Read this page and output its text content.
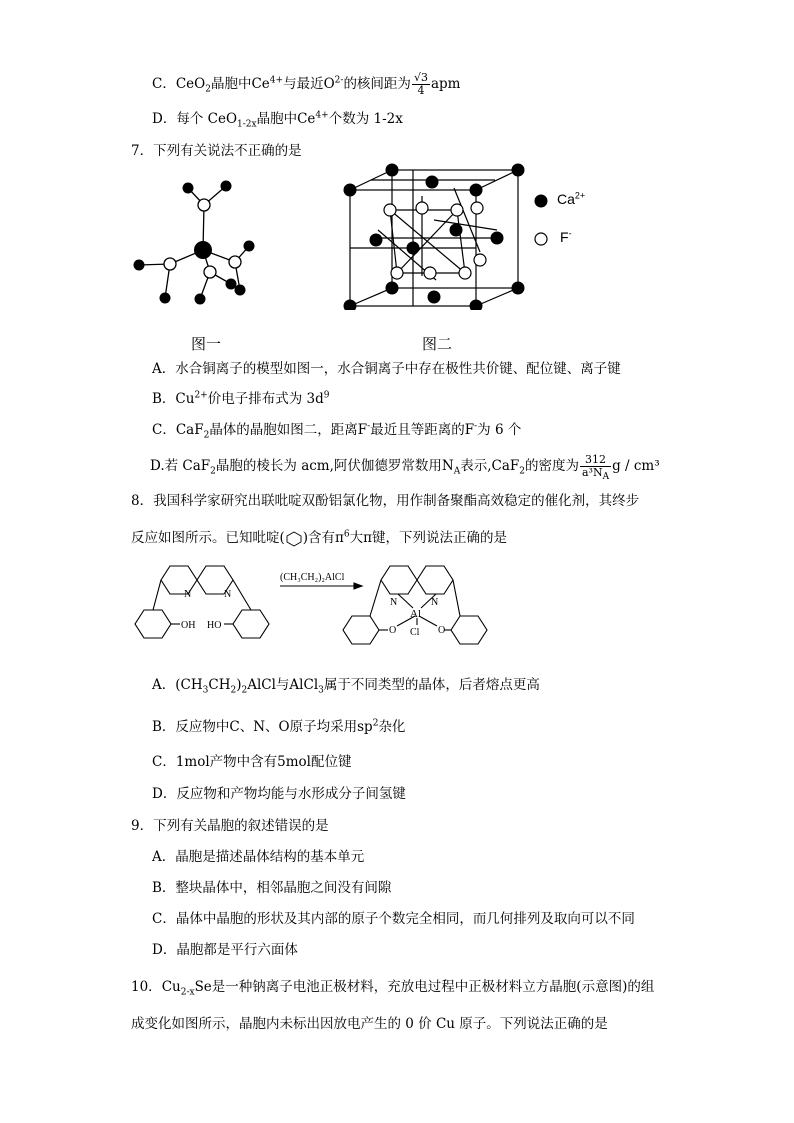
C．CeO$_2$晶胞中$Ce^{4+}$与最近$O^{2-}$的核间距为 $\frac{√3}{4}$ apm
D．每个 CeO$_{1-2x}$晶胞中$Ce^{4+}$个数为 1-2x
7．下列有关说法不正确的是
$Ca^{2+}$
F-
图一	图二
A．水合铜离子的模型如图一，水合铜离子中存在极性共价键、配位键、离子键
B．$Cu^{2+}$价电子排布式为 $3d^9$
C．CaF$_2$晶体的晶胞如图二，距离F-最近且等距离的F-为 6 个
D.若 CaF$_2$晶胞的棱长为 acm,阿伏伽德罗常数用$N_A$表示,CaF$_2$的密度为 $\frac{312}{a^3N_A}$ g / cm³
8．我国科学家研究出联吡啶双酚铝氯化物，用作制备聚酯高效稳定的催化剂，其终步
反应如图所示。已知吡啶( )含有$\pi^6$大π键，下列说法正确的是
N	N
OH HO
(CH₃CH₂)₂AlCl
N	N
Al
O	O
Cl
A．$(CH_3CH_2)_2AlCl$与AlCl$_3$属于不同类型的晶体，后者熔点更高
B．反应物中C、N、O原子均采用$sp^2$杂化
C．1mol产物中含有5mol配位键
D．反应物和产物均能与水形成分子间氢键
9．下列有关晶胞的叙述错误的是
A．晶胞是描述晶体结构的基本单元
B．整块晶体中，相邻晶胞之间没有间隙
C．晶体中晶胞的形状及其内部的原子个数完全相同，而几何排列及取向可以不同
D．晶胞都是平行六面体
10．$Cu_{2-x}Se$是一种钠离子电池正极材料，充放电过程中正极材料立方晶胞(示意图)的组
成变化如图所示，晶胞内未标出因放电产生的 0 价 Cu 原子。下列说法正确的是
